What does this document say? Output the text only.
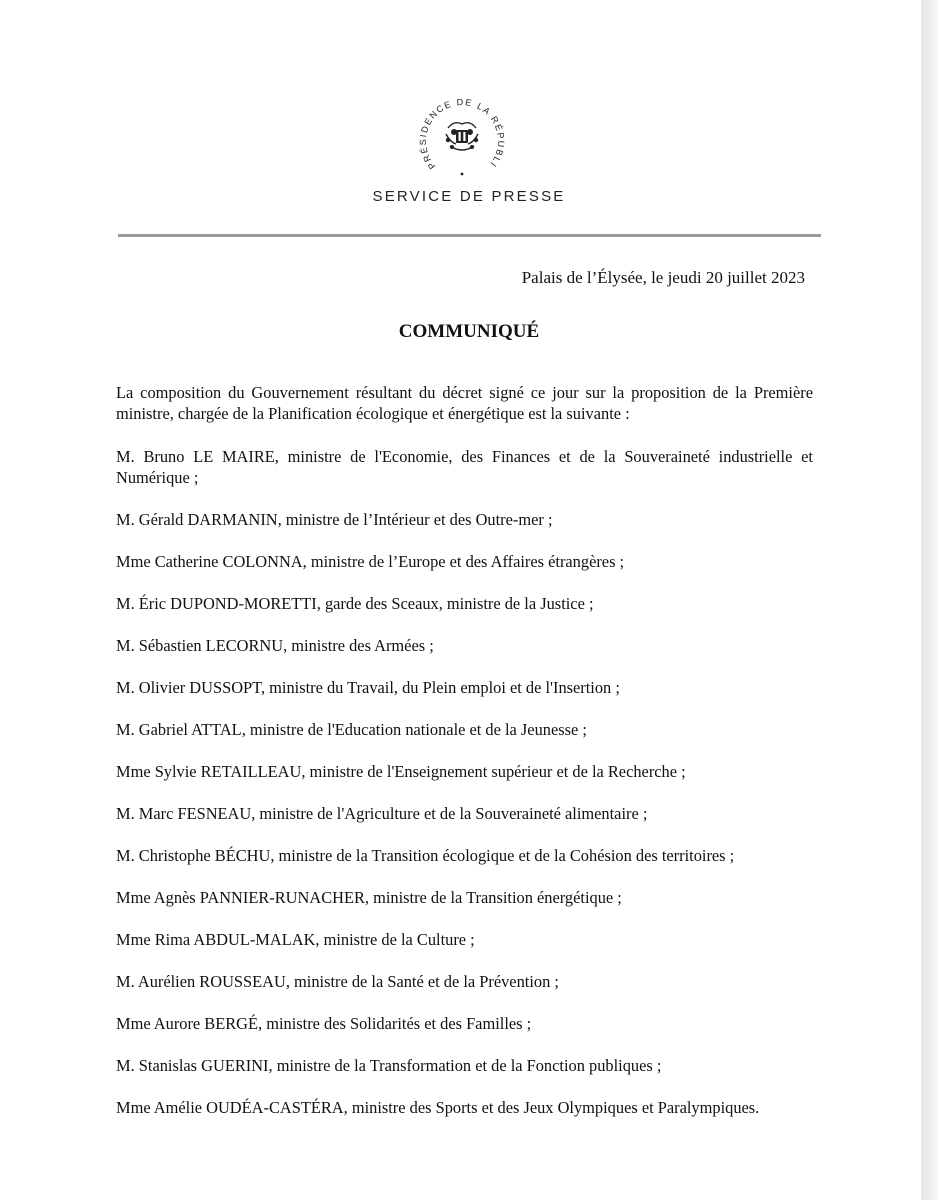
PRÉSIDENCE DE LA RÉPUBLI
SERVICE DE PRESSE
Palais de l’Élysée, le jeudi 20 juillet 2023
COMMUNIQUÉ

La composition du Gouvernement résultant du décret signé ce jour sur la proposition de la Première ministre, chargée de la Planification écologique et énergétique est la suivante :

M. Bruno LE MAIRE, ministre de l'Economie, des Finances et de la Souveraineté industrielle et Numérique ;
M. Gérald DARMANIN, ministre de l’Intérieur et des Outre-mer ;
Mme Catherine COLONNA, ministre de l’Europe et des Affaires étrangères ;
M. Éric DUPOND-MORETTI, garde des Sceaux, ministre de la Justice ;
M. Sébastien LECORNU, ministre des Armées ;
M. Olivier DUSSOPT, ministre du Travail, du Plein emploi et de l'Insertion ;
M. Gabriel ATTAL, ministre de l'Education nationale et de la Jeunesse ;
Mme Sylvie RETAILLEAU, ministre de l'Enseignement supérieur et de la Recherche ;
M. Marc FESNEAU, ministre de l'Agriculture et de la Souveraineté alimentaire ;
M. Christophe BÉCHU, ministre de la Transition écologique et de la Cohésion des territoires ;
Mme Agnès PANNIER-RUNACHER, ministre de la Transition énergétique ;
Mme Rima ABDUL-MALAK, ministre de la Culture ;
M. Aurélien ROUSSEAU, ministre de la Santé et de la Prévention ;
Mme Aurore BERGÉ, ministre des Solidarités et des Familles ;
M. Stanislas GUERINI, ministre de la Transformation et de la Fonction publiques ;
Mme Amélie OUDÉA-CASTÉRA, ministre des Sports et des Jeux Olympiques et Paralympiques.
